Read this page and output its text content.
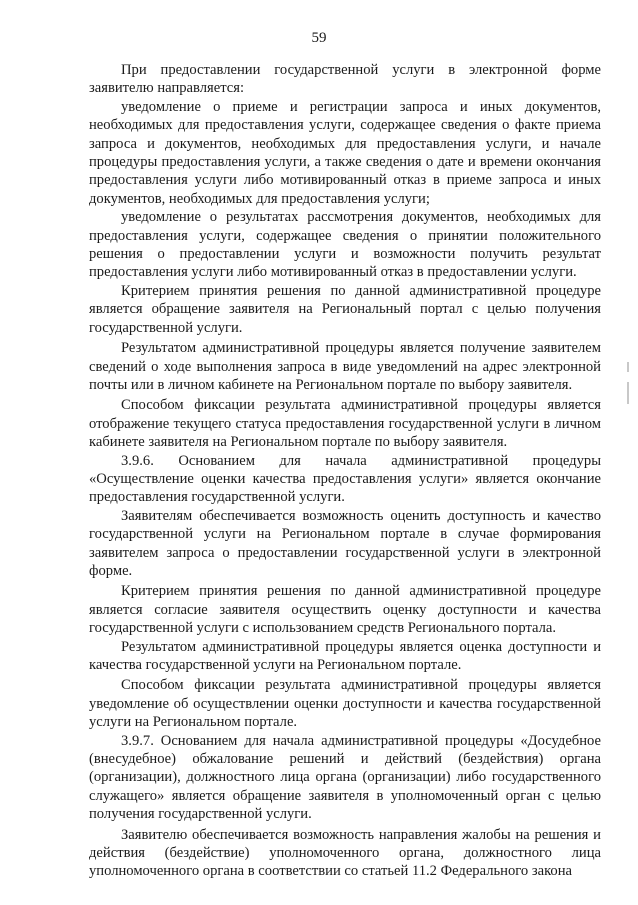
59

При предоставлении государственной услуги в электронной форме заявителю направляется:

уведомление о приеме и регистрации запроса и иных документов, необходимых для предоставления услуги, содержащее сведения о факте приема запроса и документов, необходимых для предоставления услуги, и начале процедуры предоставления услуги, а также сведения о дате и времени окончания предоставления услуги либо мотивированный отказ в приеме запроса и иных документов, необходимых для предоставления услуги;

уведомление о результатах рассмотрения документов, необходимых для предоставления услуги, содержащее сведения о принятии положительного решения о предоставлении услуги и возможности получить результат предоставления услуги либо мотивированный отказ в предоставлении услуги.

Критерием принятия решения по данной административной процедуре является обращение заявителя на Региональный портал с целью получения государственной услуги.

Результатом административной процедуры является получение заявителем сведений о ходе выполнения запроса в виде уведомлений на адрес электронной почты или в личном кабинете на Региональном портале по выбору заявителя.

Способом фиксации результата административной процедуры является отображение текущего статуса предоставления государственной услуги в личном кабинете заявителя на Региональном портале по выбору заявителя.

3.9.6. Основанием для начала административной процедуры «Осуществление оценки качества предоставления услуги» является окончание предоставления государственной услуги.

Заявителям обеспечивается возможность оценить доступность и качество государственной услуги на Региональном портале в случае формирования заявителем запроса о предоставлении государственной услуги в электронной форме.

Критерием принятия решения по данной административной процедуре является согласие заявителя осуществить оценку доступности и качества государственной услуги с использованием средств Регионального портала.

Результатом административной процедуры является оценка доступности и качества государственной услуги на Региональном портале.

Способом фиксации результата административной процедуры является уведомление об осуществлении оценки доступности и качества государственной услуги на Региональном портале.

3.9.7. Основанием для начала административной процедуры «Досудебное (внесудебное) обжалование решений и действий (бездействия) органа (организации), должностного лица органа (организации) либо государственного служащего» является обращение заявителя в уполномоченный орган с целью получения государственной услуги.

Заявителю обеспечивается возможность направления жалобы на решения и действия (бездействие) уполномоченного органа, должностного лица уполномоченного органа в соответствии со статьей 11.2 Федерального закона
